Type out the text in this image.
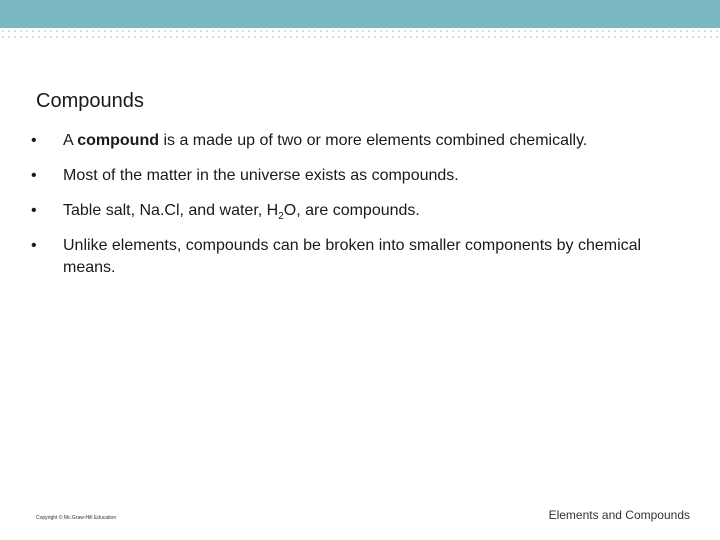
Compounds
• A compound is a made up of two or more elements combined chemically.
• Most of the matter in the universe exists as compounds.
• Table salt, Na.Cl, and water, $H_2O$, are compounds.
• Unlike elements, compounds can be broken into smaller components by chemical means.
Copyright © Mc.Graw-Hill Education	Elements and Compounds
